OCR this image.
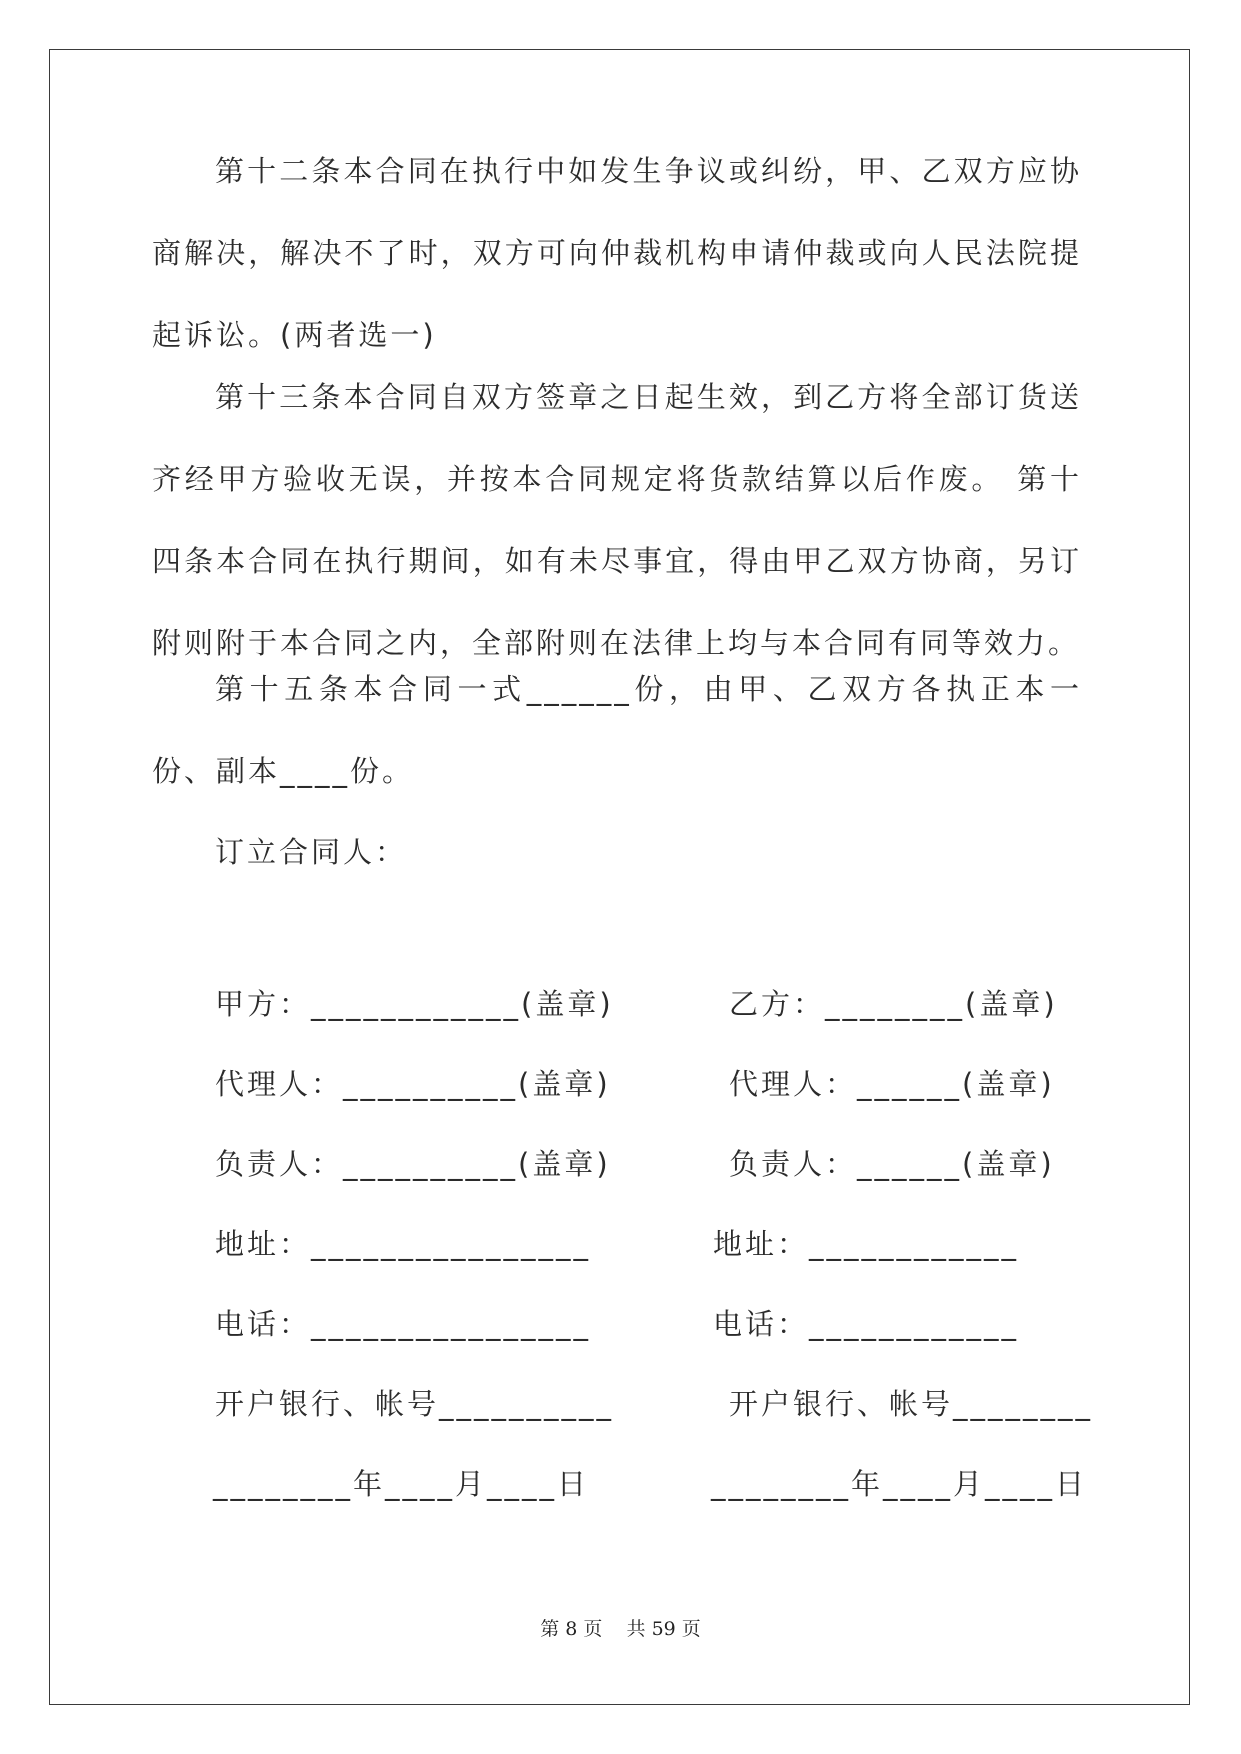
第十二条本合同在执行中如发生争议或纠纷，甲、乙双方应协商解决，解决不了时，双方可向仲裁机构申请仲裁或向人民法院提起诉讼。(两者选一)

第十三条本合同自双方签章之日起生效，到乙方将全部订货送齐经甲方验收无误，并按本合同规定将货款结算以后作废。 第十四条本合同在执行期间，如有未尽事宜，得由甲乙双方协商，另订附则附于本合同之内，全部附则在法律上均与本合同有同等效力。

第十五条本合同一式______份，由甲、乙双方各执正本一份、副本____份。

订立合同人：
甲方：____________(盖章)	乙方：________(盖章)
代理人：__________(盖章)	代理人：______(盖章)
负责人：__________(盖章)	负责人：______(盖章)
地址：________________	地址：____________
电话：________________	电话：____________
开户银行、帐号__________	开户银行、帐号________
________年____月____日	________年____月____日
第 8 页    共 59 页
